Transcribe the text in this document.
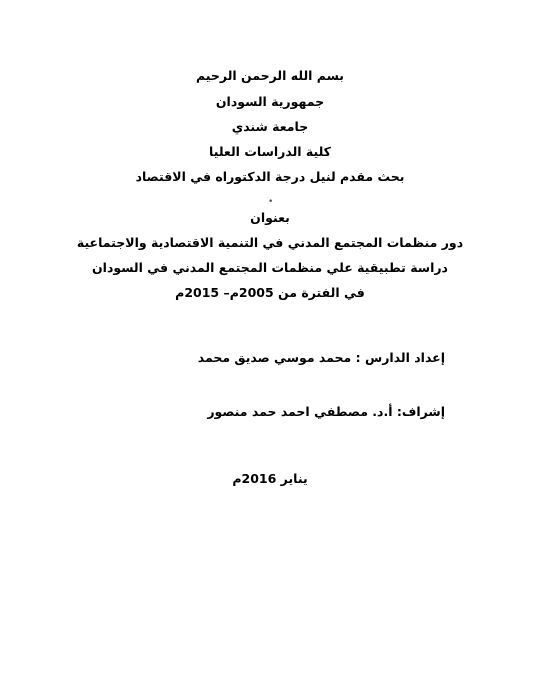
بسم الله الرحمن الرحيم
جمهورية السودان
جامعة شندي
كلية الدراسات العليا
بحث مقدم لنيل درجة الدكتوراه في الاقتصاد
•
بعنوان
دور منظمات المجتمع المدني في التنمية الاقتصادية والاجتماعية
دراسة تطبيقية علي منظمات المجتمع المدني في السودان
في الفترة من 2005م– 2015م
إعداد الدارس : محمد موسي صديق محمد
إشراف: أ.د. مصطفي احمد حمد منصور
يناير 2016م
